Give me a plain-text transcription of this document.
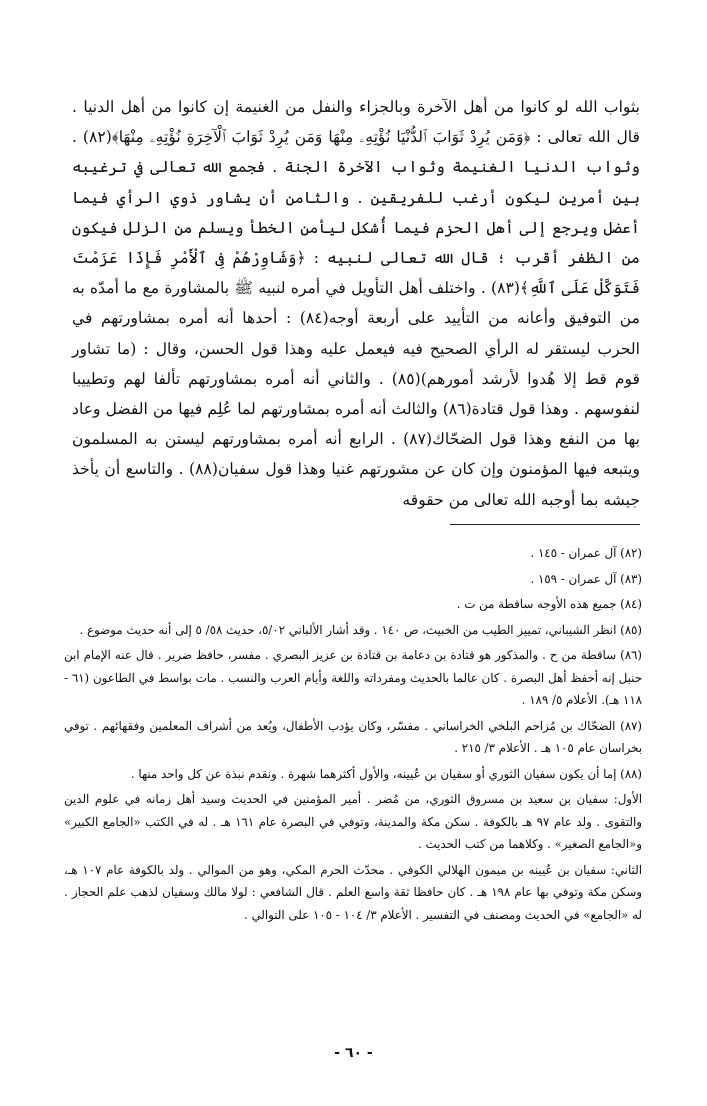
بثواب الله لو كانوا من أهل الآخرة وبالجزاء والنفل من الغنيمة إن كانوا من أهل الدنيا . قال الله تعالى : ﴿وَمَن يُرِدْ ثَوَابَ ٱلدُّنْيَا نُؤْتِهِۦ مِنْهَا وَمَن يُرِدْ ثَوَابَ ٱلْآخِرَةِ نُؤْتِهِۦ مِنْهَا﴾(٨٢) . وثواب الدنيا الغنيمة وثواب الآخرة الجنة . فجمع الله تعالى في ترغيبه بين أمرين ليكون أرغب للفريقين . والثامن أن يشاور ذوي الرأي فيما أعضل ويرجع إلى أهل الحزم فيما أُشكل ليأمن الخطأ ويسلم من الزلل فيكون من الظفر أقرب ؛ قال الله تعالى لنبيه : ﴿وَشَاوِرْهُمْ فِى ٱلْأَمْرِ فَإِذَا عَزَمْتَ فَتَوَكَّلْ عَلَى ٱللَّهِ﴾(٨٣) . واختلف أهل التأويل في أمره لنبيه ﷺ بالمشاورة مع ما أمدّه به من التوفيق وأعانه من التأييد على أربعة أوجه(٨٤) : أحدها أنه أمره بمشاورتهم في الحرب ليستقر له الرأي الصحيح فيه فيعمل عليه وهذا قول الحسن، وقال : (ما تشاور قوم قط إلا هُدوا لأرشد أمورهم)(٨٥) . والثاني أنه أمره بمشاورتهم تألفا لهم وتطييبا لنفوسهم . وهذا قول قتادة(٨٦) والثالث أنه أمره بمشاورتهم لما عُلِم فيها من الفضل وعاد بها من النفع وهذا قول الضحّاك(٨٧) . الرابع أنه أمره بمشاورتهم ليستن به المسلمون ويتبعه فيها المؤمنون وإن كان عن مشورتهم غنيا وهذا قول سفيان(٨٨) . والتاسع أن يأخذ جيشه بما أوجبه الله تعالى من حقوقه

(٨٢) آل عمران - ١٤٥ .
(٨٣) آل عمران - ١٥٩ .
(٨٤) جميع هذه الأوجه ساقطة من ت .
(٨٥) انظر الشيباني، تمييز الطيب من الخبيث، ص ١٤٠ . وقد أشار الألباني ٥/٠٢، حديث ٥٨/ ٥ إلى أنه حديث موضوع .
(٨٦) ساقطة من ح . والمذكور هو قتادة بن دعامة بن قتادة بن عزيز البصري . مفسر، حافظ ضرير . قال عنه الإمام ابن حنبل إنه أحفظ أهل البصرة . كان عالما بالحديث ومفرداته واللغة وأيام العرب والنسب . مات بواسط في الطاعون (٦١ - ١١٨ هـ). الأعلام ٥/ ١٨٩ .
(٨٧) الضحّاك بن مُزاحم البلخي الخراساني . مفسّر، وكان يؤدب الأطفال، ويُعد من أشراف المعلمين وفقهائهم . توفي بخراسان عام ١٠٥ هـ . الأعلام ٣/ ٢١٥ .
(٨٨) إما أن يكون سفيان الثوري أو سفيان بن عُيينه، والأول أكثرهما شهرة . ونقدم نبذة عن كل واحد منها .
الأول: سفيان بن سعيد بن مسروق الثوري، من مُضر . أمير المؤمنين في الحديث وسيد أهل زمانه في علوم الدين والتقوى . ولد عام ٩٧ هـ بالكوفة . سكن مكة والمدينة، وتوفي في البصرة عام ١٦١ هـ . له في الكتب «الجامع الكبير» و«الجامع الصغير» . وكلاهما من كتب الحديث .
الثاني: سفيان بن عُيينه بن ميمون الهلالي الكوفي . محدّث الحرم المكي، وهو من الموالي . ولد بالكوفة عام ١٠٧ هـ، وسكن مكة وتوفي بها عام ١٩٨ هـ . كان حافظا ثقة واسع العلم . قال الشافعي : لولا مالك وسفيان لذهب علم الحجاز . له «الجامع» في الحديث ومصنف في التفسير . الأعلام ٣/ ١٠٤ - ١٠٥ على التوالي .
- ٦٠ -
